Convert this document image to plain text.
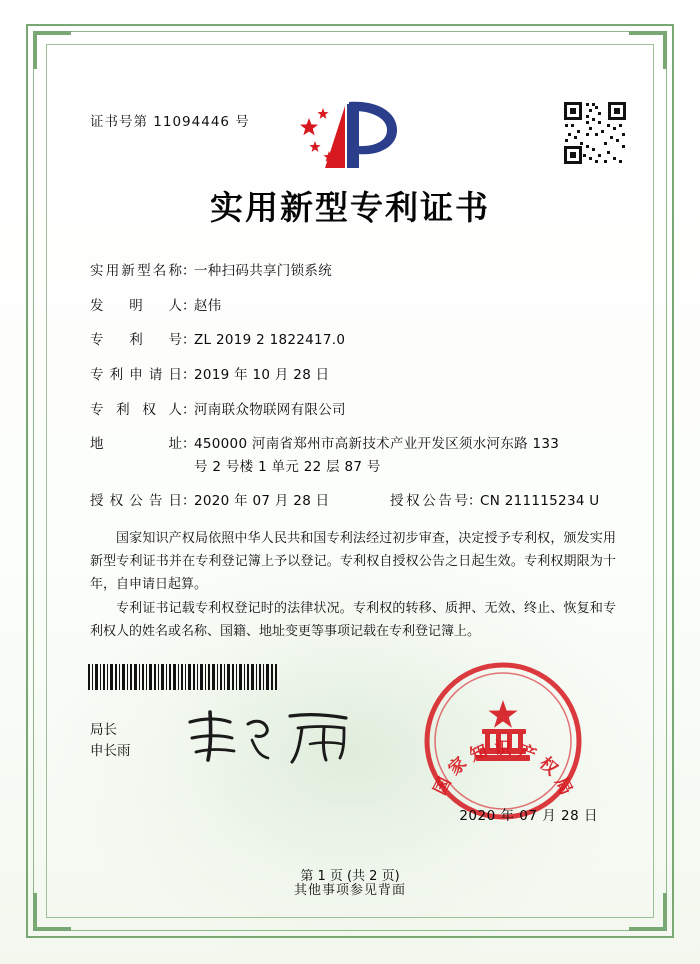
证书号第 11094446 号
实用新型专利证书
实用新型名称 ：
一种扫码共享门锁系统
发明人 ：
赵伟
专利号 ：
ZL 2019 2 1822417.0
专利申请日 ：
2019 年 10 月 28 日
专利权人 ：
河南联众物联网有限公司
地址 ：
450000 河南省郑州市高新技术产业开发区须水河东路 133
号 2 号楼 1 单元 22 层 87 号
授权公告日 ：
2020 年 07 月 28 日	授权公告号 ：
CN 211115234 U

国家知识产权局依照中华人民共和国专利法经过初步审查，决定授予专利权，颁发实用新型专利证书并在专利登记簿上予以登记。专利权自授权公告之日起生效。专利权期限为十年，自申请日起算。

专利证书记载专利权登记时的法律状况。专利权的转移、质押、无效、终止、恢复和专利权人的姓名或名称、国籍、地址变更等事项记载在专利登记簿上。

局长
申长雨
国 家 知 识 产 权 局
2020 年 07 月 28 日
第 1 页 (共 2 页)
其他事项参见背面
